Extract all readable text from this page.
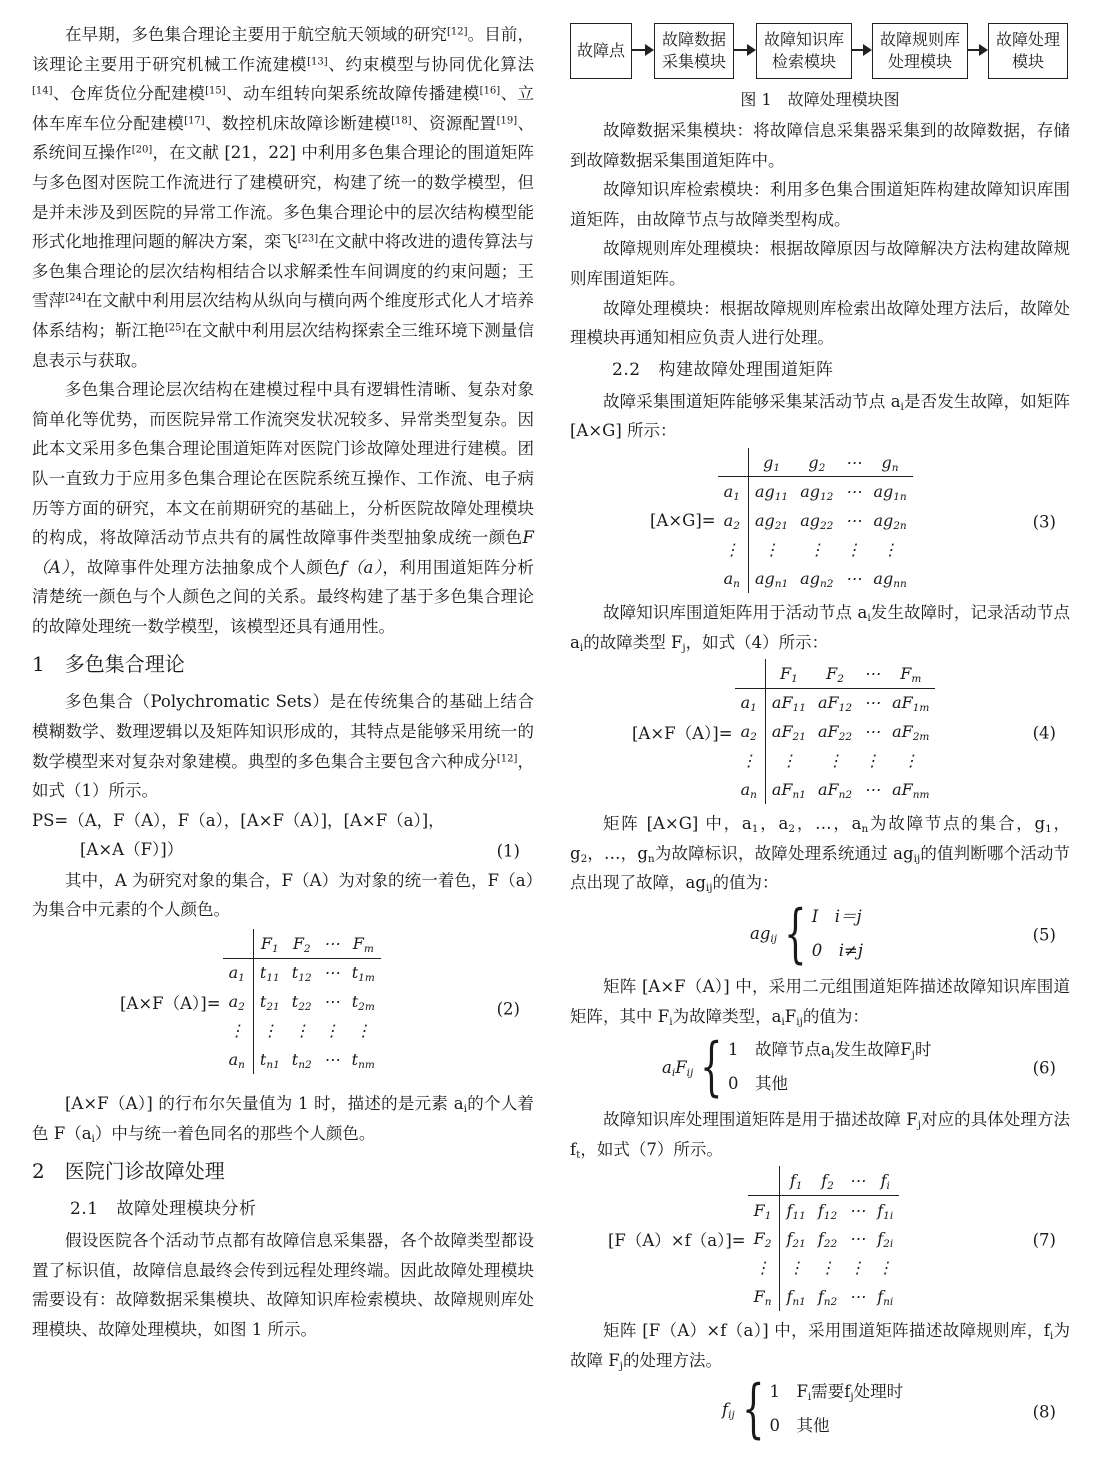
在早期，多色集合理论主要用于航空航天领域的研究[12]。目前，该理论主要用于研究机械工作流建模[13]、约束模型与协同优化算法[14]、仓库货位分配建模[15]、动车组转向架系统故障传播建模[16]、立体车库车位分配建模[17]、数控机床故障诊断建模[18]、资源配置[19]、系统间互操作[20]，在文献 [21，22] 中利用多色集合理论的围道矩阵与多色图对医院工作流进行了建模研究，构建了统一的数学模型，但是并未涉及到医院的异常工作流。多色集合理论中的层次结构模型能形式化地推理问题的解决方案，栾飞[23]在文献中将改进的遗传算法与多色集合理论的层次结构相结合以求解柔性车间调度的约束问题；王雪萍[24]在文献中利用层次结构从纵向与横向两个维度形式化人才培养体系结构；靳江艳[25]在文献中利用层次结构探索全三维环境下测量信息表示与获取。

多色集合理论层次结构在建模过程中具有逻辑性清晰、复杂对象简单化等优势，而医院异常工作流突发状况较多、异常类型复杂。因此本文采用多色集合理论围道矩阵对医院门诊故障处理进行建模。团队一直致力于应用多色集合理论在医院系统互操作、工作流、电子病历等方面的研究，本文在前期研究的基础上，分析医院故障处理模块的构成，将故障活动节点共有的属性故障事件类型抽象成统一颜色F（A），故障事件处理方法抽象成个人颜色f（a），利用围道矩阵分析清楚统一颜色与个人颜色之间的关系。最终构建了基于多色集合理论的故障处理统一数学模型，该模型还具有通用性。

1 多色集合理论

多色集合（Polychromatic Sets）是在传统集合的基础上结合模糊数学、数理逻辑以及矩阵知识形成的，其特点是能够采用统一的数学模型来对复杂对象建模。典型的多色集合主要包含六种成分[12]，如式（1）所示。

PS=（A，F（A），F（a），[A×F（A）]，[A×F（a）]，
[A×A（F）]）	(1)

其中，A 为研究对象的集合，F（A）为对象的统一着色，F（a）为集合中元素的个人颜色。

[A×F（A）]=
	$F_1$	$F_2$	⋯	$F_m$
$a_1$	$t_{11}$	$t_{12}$	⋯	$t_{1m}$
$a_2$	$t_{21}$	$t_{22}$	⋯	$t_{2m}$
⋮	⋮	⋮	⋮	⋮
$a_n$	$t_{n1}$	$t_{n2}$	⋯	$t_{nm}$
(2)

[A×F（A）] 的行布尔矢量值为 1 时，描述的是元素 $a_i$的个人着色 $F(a_i)$中与统一着色同名的那些个人颜色。

2 医院门诊故障处理
2.1 故障处理模块分析

假设医院各个活动节点都有故障信息采集器，各个故障类型都设置了标识值，故障信息最终会传到远程处理终端。因此故障处理模块需要设有：故障数据采集模块、故障知识库检索模块、故障规则库处理模块、故障处理模块，如图 1 所示。

故障点
故障数据
采集模块
故障知识库
检索模块
故障规则库
处理模块
故障处理
模块
图 1　故障处理模块图

故障数据采集模块：将故障信息采集器采集到的故障数据，存储到故障数据采集围道矩阵中。

故障知识库检索模块：利用多色集合围道矩阵构建故障知识库围道矩阵，由故障节点与故障类型构成。

故障规则库处理模块：根据故障原因与故障解决方法构建故障规则库围道矩阵。

故障处理模块：根据故障规则库检索出故障处理方法后，故障处理模块再通知相应负责人进行处理。

2.2 构建故障处理围道矩阵

故障采集围道矩阵能够采集某活动节点 $a_i$是否发生故障，如矩阵 [A×G] 所示：

[A×G]=
	$g_1$	$g_2$	⋯	$g_n$
$a_1$	$ag_{11}$	$ag_{12}$	⋯	$ag_{1n}$
$a_2$	$ag_{21}$	$ag_{22}$	⋯	$ag_{2n}$
⋮	⋮	⋮	⋮	⋮
$a_n$	$ag_{n1}$	$ag_{n2}$	⋯	$ag_{nn}$
(3)

故障知识库围道矩阵用于活动节点 $a_i$发生故障时，记录活动节点 $a_i$的故障类型 $F_j$，如式（4）所示：

[A×F（A）]=
	$F_1$	$F_2$	⋯	$F_m$
$a_1$	$aF_{11}$	$aF_{12}$	⋯	$aF_{1m}$
$a_2$	$aF_{21}$	$aF_{22}$	⋯	$aF_{2m}$
⋮	⋮	⋮	⋮	⋮
$a_n$	$aF_{n1}$	$aF_{n2}$	⋯	$aF_{nm}$
(4)

矩阵 [A×G] 中，$a_1$，$a_2$，…，$a_n$为故障节点的集合，$g_1$，$g_2$，…，$g_n$为故障标识，故障处理系统通过 $ag_{ij}$的值判断哪个活动节点出现了故障，$ag_{ij}$的值为：

$ag_{ij}$ { I　i＝j
0　i≠j
(5)

矩阵 [A×F（A）] 中，采用二元组围道矩阵描述故障知识库围道矩阵，其中 $F_i$为故障类型，$a_iF_{ij}$的值为：

$a_iF_{ij}$ { 1　故障节点$a_i$发生故障$F_j$时
0　其他
(6)

故障知识库处理围道矩阵是用于描述故障 $F_j$对应的具体处理方法 $f_t$，如式（7）所示。

[F（A）×f（a）]=
	$f_1$	$f_2$	⋯	$f_i$
$F_1$	$f_{11}$	$f_{12}$	⋯	$f_{1i}$
$F_2$	$f_{21}$	$f_{22}$	⋯	$f_{2i}$
⋮	⋮	⋮	⋮	⋮
$F_n$	$f_{n1}$	$f_{n2}$	⋯	$f_{ni}$
(7)

矩阵 [F（A）×f（a）] 中，采用围道矩阵描述故障规则库，$f_i$为故障 $F_j$的处理方法。

$f_{ij}$ { 1　$F_i$需要$f_j$处理时
0　其他
(8)
